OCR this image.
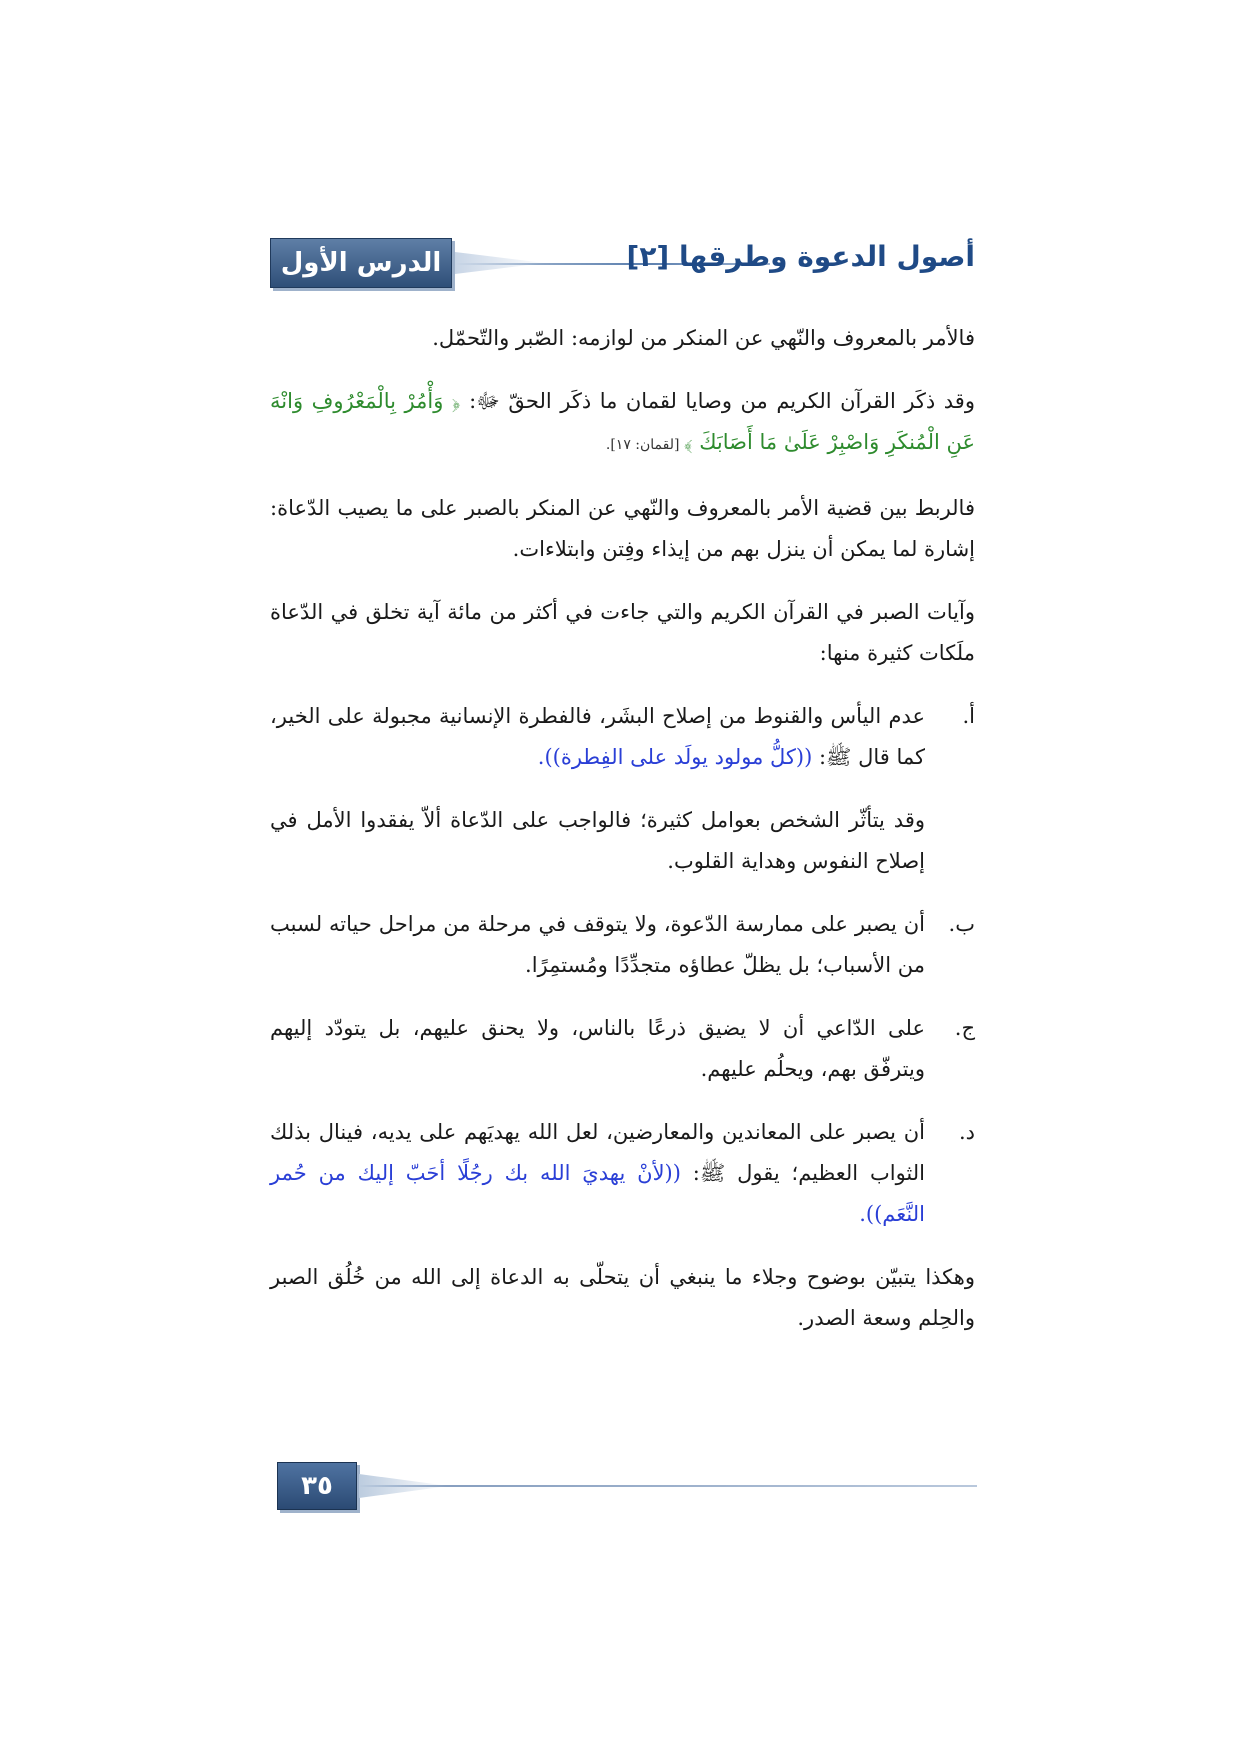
الدرس الأول	أصول الدعوة وطرقها [٢]

فالأمر بالمعروف والنّهي عن المنكر من لوازمه: الصّبر والتّحمّل.

وقد ذكَر القرآن الكريم من وصايا لقمان ما ذكَر الحقّ ﷻ: ﴿ وَأْمُرْ بِالْمَعْرُوفِ وَانْهَ عَنِ الْمُنكَرِ وَاصْبِرْ عَلَىٰ مَا أَصَابَكَ ﴾ [لقمان: ١٧].

فالربط بين قضية الأمر بالمعروف والنّهي عن المنكر بالصبر على ما يصيب الدّعاة: إشارة لما يمكن أن ينزل بهم من إيذاء وفِتن وابتلاءات.

وآيات الصبر في القرآن الكريم والتي جاءت في أكثر من مائة آية تخلق في الدّعاة ملَكات كثيرة منها:

أ.
عدم اليأس والقنوط من إصلاح البشَر، فالفطرة الإنسانية مجبولة على الخير، كما قال ﷺ: ((كلُّ مولود يولَد على الفِطرة)).

وقد يتأثّر الشخص بعوامل كثيرة؛ فالواجب على الدّعاة ألاّ يفقدوا الأمل في إصلاح النفوس وهداية القلوب.

ب.
أن يصبر على ممارسة الدّعوة، ولا يتوقف في مرحلة من مراحل حياته لسبب من الأسباب؛ بل يظلّ عطاؤه متجدِّدًا ومُستمِرًا.
ج.
على الدّاعي أن لا يضيق ذرعًا بالناس، ولا يحنق عليهم، بل يتودّد إليهم ويترفّق بهم، ويحلُم عليهم.
د.
أن يصبر على المعاندين والمعارضين، لعل الله يهديَهم على يديه، فينال بذلك الثواب العظيم؛ يقول ﷺ: ((لأنْ يهديَ الله بك رجُلًا أحَبّ إليك من حُمر النَّعَم)).

وهكذا يتبيّن بوضوح وجلاء ما ينبغي أن يتحلّى به الدعاة إلى الله من خُلُق الصبر والحِلم وسعة الصدر.

٣٥
